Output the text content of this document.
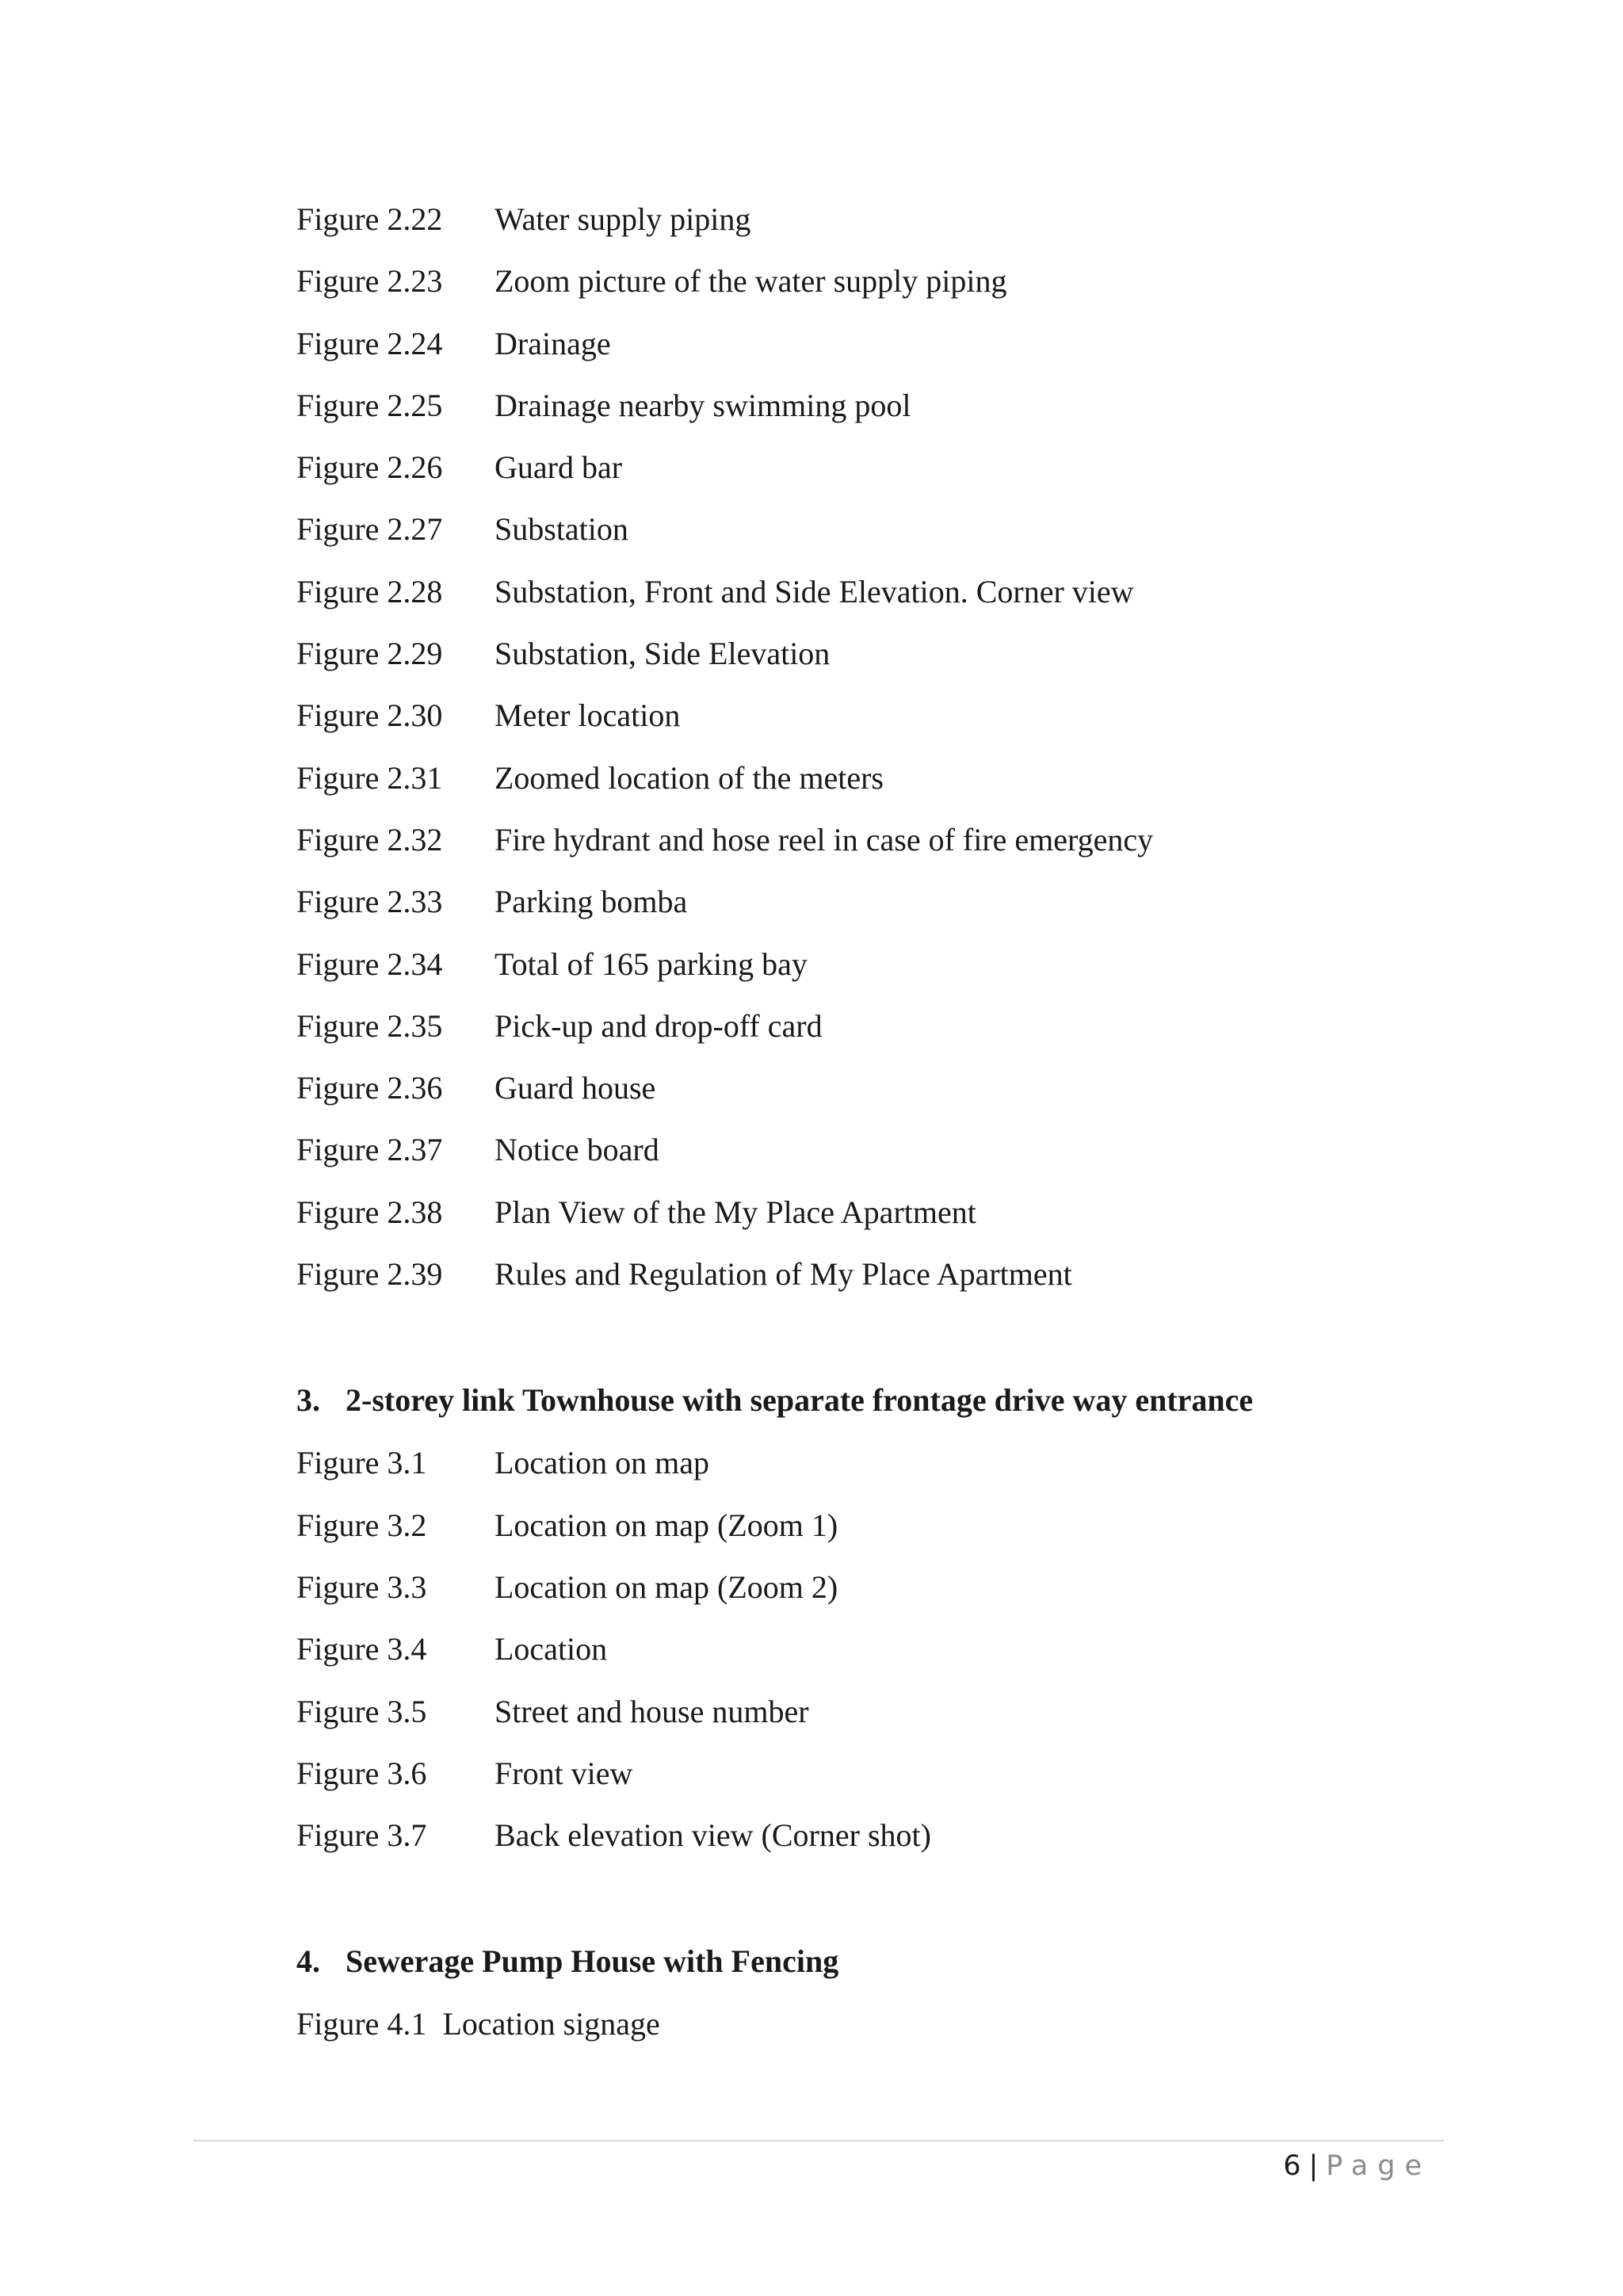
Figure 2.22	Water supply piping
Figure 2.23	Zoom picture of the water supply piping
Figure 2.24	Drainage
Figure 2.25	Drainage nearby swimming pool
Figure 2.26	Guard bar
Figure 2.27	Substation
Figure 2.28	Substation, Front and Side Elevation. Corner view
Figure 2.29	Substation, Side Elevation
Figure 2.30	Meter location
Figure 2.31	Zoomed location of the meters
Figure 2.32	Fire hydrant and hose reel in case of fire emergency
Figure 2.33	Parking bomba
Figure 2.34	Total of 165 parking bay
Figure 2.35	Pick-up and drop-off card
Figure 2.36	Guard house
Figure 2.37	Notice board
Figure 2.38	Plan View of the My Place Apartment
Figure 2.39	Rules and Regulation of My Place Apartment
3. 2-storey link Townhouse with separate frontage drive way entrance
Figure 3.1	Location on map
Figure 3.2	Location on map (Zoom 1)
Figure 3.3	Location on map (Zoom 2)
Figure 3.4	Location
Figure 3.5	Street and house number
Figure 3.6	Front view
Figure 3.7	Back elevation view (Corner shot)
4. Sewerage Pump House with Fencing
Figure 4.1 Location signage
6 | Page
